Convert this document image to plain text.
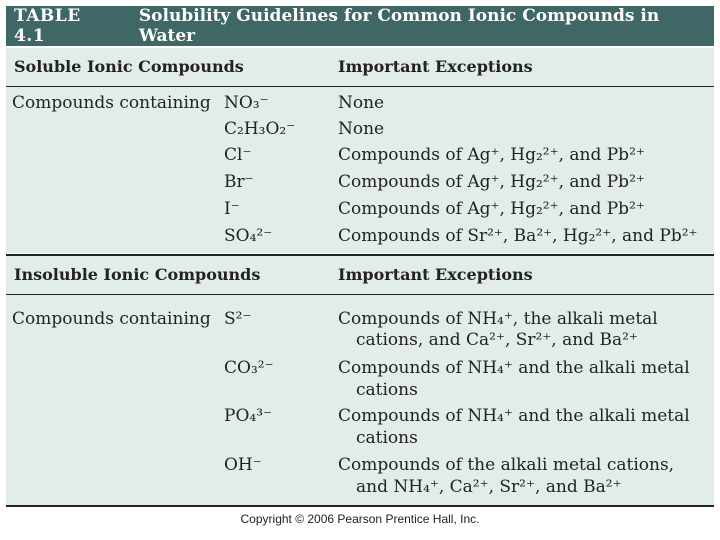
TABLE 4.1
Solubility Guidelines for Common Ionic Compounds in Water
Soluble Ionic Compounds	Important Exceptions
Compounds containing NO₃⁻	None
C₂H₃O₂⁻	None
Cl⁻	Compounds of Ag⁺, Hg₂²⁺, and Pb²⁺
Br⁻	Compounds of Ag⁺, Hg₂²⁺, and Pb²⁺
I⁻	Compounds of Ag⁺, Hg₂²⁺, and Pb²⁺
SO₄²⁻	Compounds of Sr²⁺, Ba²⁺, Hg₂²⁺, and Pb²⁺
Insoluble Ionic Compounds	Important Exceptions
Compounds containing S²⁻	Compounds of NH₄⁺, the alkali metal
cations, and Ca²⁺, Sr²⁺, and Ba²⁺
CO₃²⁻	Compounds of NH₄⁺ and the alkali metal
cations
PO₄³⁻	Compounds of NH₄⁺ and the alkali metal
cations
OH⁻	Compounds of the alkali metal cations,
and NH₄⁺, Ca²⁺, Sr²⁺, and Ba²⁺
Copyright © 2006 Pearson Prentice Hall, Inc.
